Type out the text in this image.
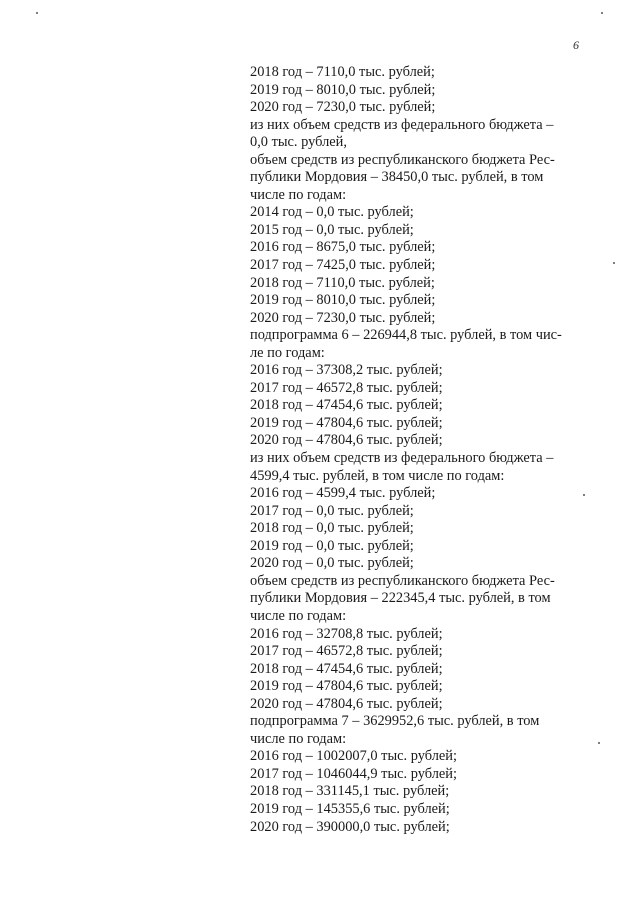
6
2018 год – 7110,0 тыс. рублей;
2019 год – 8010,0 тыс. рублей;
2020 год – 7230,0 тыс. рублей;
из них объем средств из федерального бюджета –
0,0 тыс. рублей,
объем средств из республиканского бюджета Рес-
публики Мордовия – 38450,0 тыс. рублей, в том
числе по годам:
2014 год – 0,0 тыс. рублей;
2015 год – 0,0 тыс. рублей;
2016 год – 8675,0 тыс. рублей;
2017 год – 7425,0 тыс. рублей;
2018 год – 7110,0 тыс. рублей;
2019 год – 8010,0 тыс. рублей;
2020 год – 7230,0 тыс. рублей;
подпрограмма 6 – 226944,8 тыс. рублей, в том чис-
ле по годам:
2016 год – 37308,2 тыс. рублей;
2017 год – 46572,8 тыс. рублей;
2018 год – 47454,6 тыс. рублей;
2019 год – 47804,6 тыс. рублей;
2020 год – 47804,6 тыс. рублей;
из них объем средств из федерального бюджета –
4599,4 тыс. рублей, в том числе по годам:
2016 год – 4599,4 тыс. рублей;
2017 год – 0,0 тыс. рублей;
2018 год – 0,0 тыс. рублей;
2019 год – 0,0 тыс. рублей;
2020 год – 0,0 тыс. рублей;
объем средств из республиканского бюджета Рес-
публики Мордовия – 222345,4 тыс. рублей, в том
числе по годам:
2016 год – 32708,8 тыс. рублей;
2017 год – 46572,8 тыс. рублей;
2018 год – 47454,6 тыс. рублей;
2019 год – 47804,6 тыс. рублей;
2020 год – 47804,6 тыс. рублей;
подпрограмма 7 – 3629952,6 тыс. рублей, в том
числе по годам:
2016 год – 1002007,0 тыс. рублей;
2017 год – 1046044,9 тыс. рублей;
2018 год – 331145,1 тыс. рублей;
2019 год – 145355,6 тыс. рублей;
2020 год – 390000,0 тыс. рублей;
